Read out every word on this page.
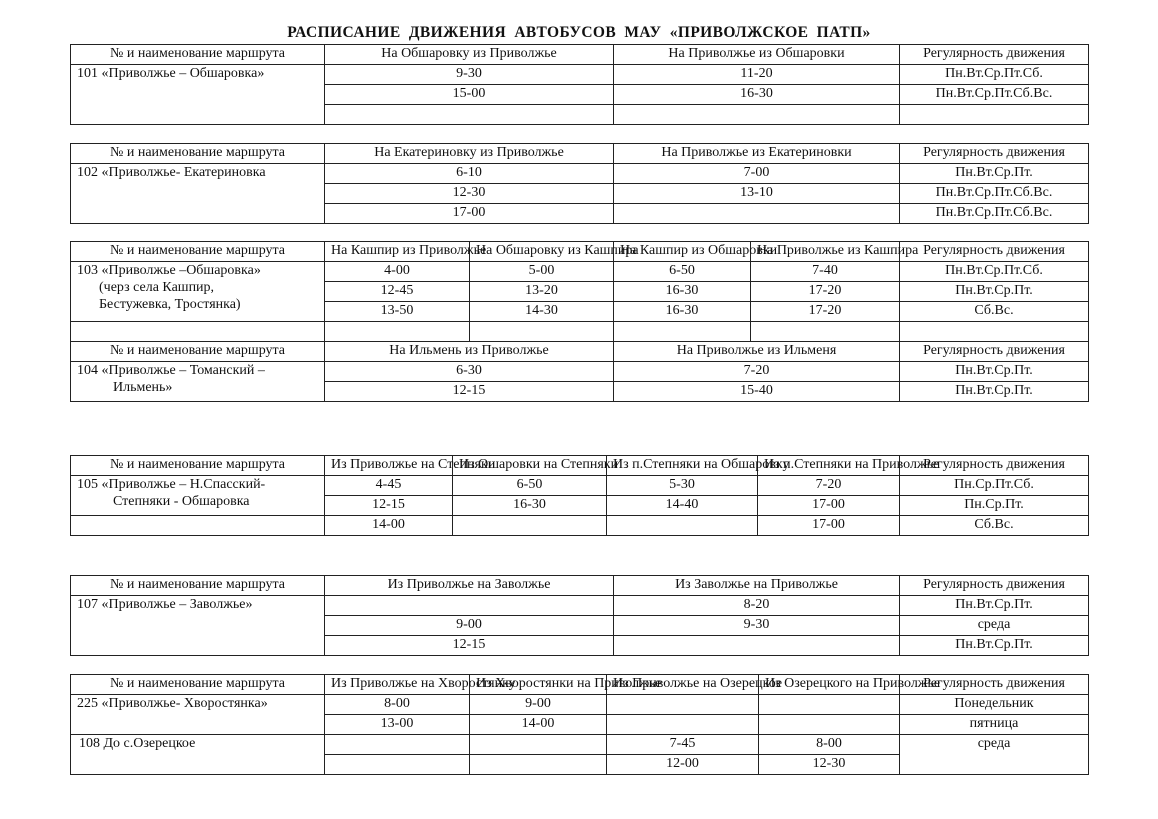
РАСПИСАНИЕ ДВИЖЕНИЯ АВТОБУСОВ МАУ «ПРИВОЛЖСКОЕ ПАТП»
№ и наименование маршрута	На Обшаровку из Приволжье	На Приволжье из Обшаровки	Регулярность движения
101 «Приволжье – Обшаровка»	9-30	11-20	Пн.Вт.Ср.Пт.Сб.
	15-00	16-30	Пн.Вт.Ср.Пт.Сб.Вс.

№ и наименование маршрута	На Екатериновку из Приволжье	На Приволжье из Екатериновки	Регулярность движения
102 «Приволжье- Екатериновка	6-10	7-00	Пн.Вт.Ср.Пт.
	12-30	13-10	Пн.Вт.Ср.Пт.Сб.Вс.
	17-00		Пн.Вт.Ср.Пт.Сб.Вс.
№ и наименование маршрута	На Кашпир из Приволжье	На Обшаровку из Кашпира	На Кашпир из Обшаровки	На Приволжье из Кашпира	Регулярность движения

103 «Приволжье –Обшаровка»
(черз села Кашпир,
Бестужевка, Тростянка)	4-00	5-00	6-50	7-40	Пн.Вт.Ср.Пт.Сб.
	12-45	13-20	16-30	17-20	Пн.Вт.Ср.Пт.
	13-50	14-30	16-30	17-20	Сб.Вс.

№ и наименование маршрута	На Ильмень из Приволжье		На Приволжье из Ильменя		Регулярность движения

104 «Приволжье – Томанский –
Ильмень»	6-30		7-20		Пн.Вт.Ср.Пт.
	12-15		15-40		Пн.Вт.Ср.Пт.
№ и наименование маршрута	Из Приволжье на Степняки	Из Ошаровки на Степняки	Из п.Степняки на Обшаровку	Из п.Степняки на Приволжье	Регулярность движения

105 «Приволжье – Н.Спасский-
Степняки - Обшаровка	4-45	6-50	5-30	7-20	Пн.Ср.Пт.Сб.
	12-15	16-30	14-40	17-00	Пн.Ср.Пт.
	14-00			17-00	Сб.Вс.
№ и наименование маршрута	Из Приволжье на Заволжье	Из Заволжье на Приволжье	Регулярность движения
107 «Приволжье – Заволжье»		8-20	Пн.Вт.Ср.Пт.
	9-00	9-30	среда
	12-15		Пн.Вт.Ср.Пт.
№ и наименование маршрута	Из Приволжье на Хворостянку	Из Хворостянки на Приволжье	Из Приволжье на Озерецкое	Из Озерецкого на Приволжье	Регулярность движения
225 «Приволжье- Хворостянка»	8-00	9-00			Понедельник
	13-00	14-00			пятница
108 До с.Озерецкое			7-45	8-00	среда
			12-00	12-30	
